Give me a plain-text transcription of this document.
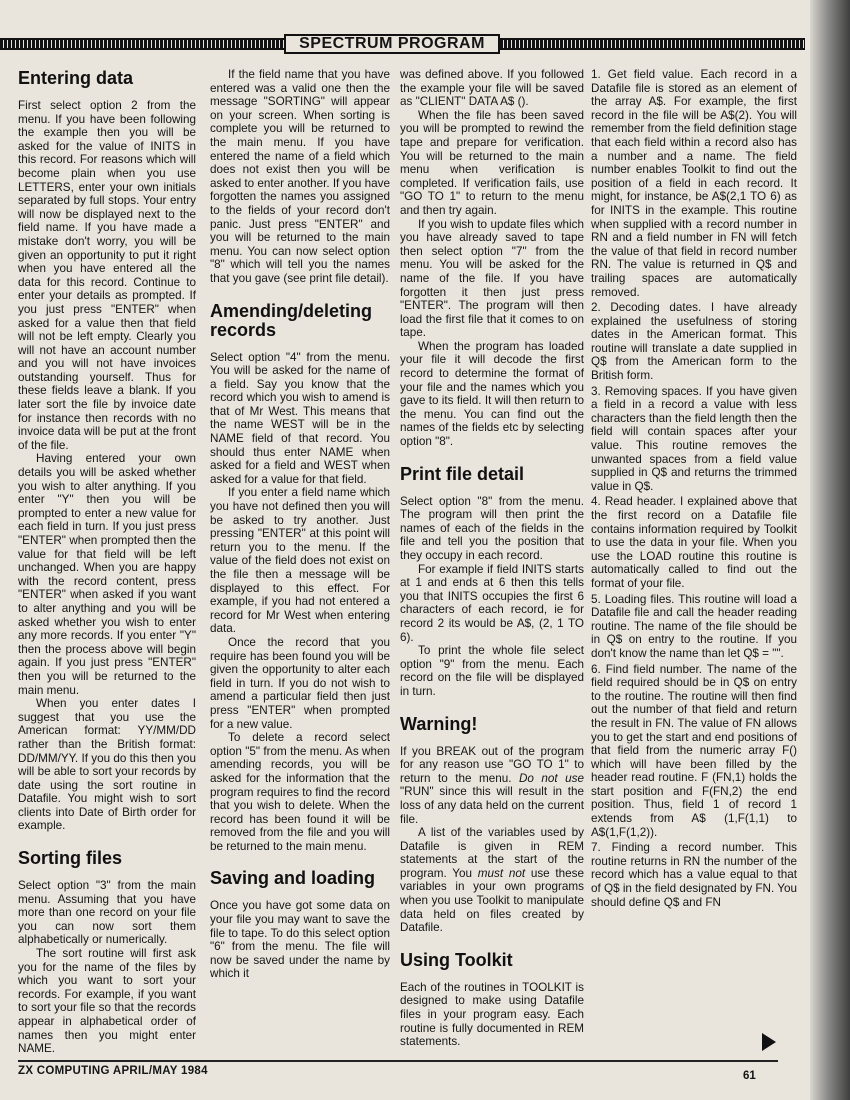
SPECTRUM PROGRAM
Entering data

First select option 2 from the menu. If you have been following the example then you will be asked for the value of INITS in this record. For reasons which will become plain when you use LETTERS, enter your own initials separated by full stops. Your entry will now be displayed next to the field name. If you have made a mistake don't worry, you will be given an opportunity to put it right when you have entered all the data for this record. Continue to enter your details as prompted. If you just press "ENTER" when asked for a value then that field will not be left empty. Clearly you will not have an account number and you will not have invoices outstanding yourself. Thus for these fields leave a blank. If you later sort the file by invoice date for instance then records with no invoice data will be put at the front of the file.

Having entered your own details you will be asked whether you wish to alter anything. If you enter "Y" then you will be prompted to enter a new value for each field in turn. If you just press "ENTER" when prompted then the value for that field will be left unchanged. When you are happy with the record content, press "ENTER" when asked if you want to alter anything and you will be asked whether you wish to enter any more records. If you enter "Y" then the process above will begin again. If you just press "ENTER" then you will be returned to the main menu.

When you enter dates I suggest that you use the American format: YY/MM/DD rather than the British format: DD/MM/YY. If you do this then you will be able to sort your records by date using the sort routine in Datafile. You might wish to sort clients into Date of Birth order for example.

Sorting files

Select option "3" from the main menu. Assuming that you have more than one record on your file you can now sort them alphabetically or numerically.

The sort routine will first ask you for the name of the files by which you want to sort your records. For example, if you want to sort your file so that the records appear in alphabetical order of names then you might enter NAME.

If the field name that you have entered was a valid one then the message "SORTING" will appear on your screen. When sorting is complete you will be returned to the main menu. If you have entered the name of a field which does not exist then you will be asked to enter another. If you have forgotten the names you assigned to the fields of your record don't panic. Just press "ENTER" and you will be returned to the main menu. You can now select option "8" which will tell you the names that you gave (see print file detail).

Amending/deleting records

Select option "4" from the menu. You will be asked for the name of a field. Say you know that the record which you wish to amend is that of Mr West. This means that the name WEST will be in the NAME field of that record. You should thus enter NAME when asked for a field and WEST when asked for a value for that field.

If you enter a field name which you have not defined then you will be asked to try another. Just pressing "ENTER" at this point will return you to the menu. If the value of the field does not exist on the file then a message will be displayed to this effect. For example, if you had not entered a record for Mr West when entering data.

Once the record that you require has been found you will be given the opportunity to alter each field in turn. If you do not wish to amend a particular field then just press "ENTER" when prompted for a new value.

To delete a record select option "5" from the menu. As when amending records, you will be asked for the information that the program requires to find the record that you wish to delete. When the record has been found it will be removed from the file and you will be returned to the main menu.

Saving and loading

Once you have got some data on your file you may want to save the file to tape. To do this select option "6" from the menu. The file will now be saved under the name by which it

was defined above. If you followed the example your file will be saved as "CLIENT" DATA A$ ().

When the file has been saved you will be prompted to rewind the tape and prepare for verification. You will be returned to the main menu when verification is completed. If verification fails, use "GO TO 1" to return to the menu and then try again.

If you wish to update files which you have already saved to tape then select option "7" from the menu. You will be asked for the name of the file. If you have forgotten it then just press "ENTER". The program will then load the first file that it comes to on tape.

When the program has loaded your file it will decode the first record to determine the format of your file and the names which you gave to its field. It will then return to the menu. You can find out the names of the fields etc by selecting option "8".

Print file detail

Select option "8" from the menu. The program will then print the names of each of the fields in the file and tell you the position that they occupy in each record.

For example if field INITS starts at 1 and ends at 6 then this tells you that INITS occupies the first 6 characters of each record, ie for record 2 its would be A$, (2, 1 TO 6).

To print the whole file select option "9" from the menu. Each record on the file will be displayed in turn.

Warning!

If you BREAK out of the program for any reason use "GO TO 1" to return to the menu. Do not use "RUN" since this will result in the loss of any data held on the current file.

A list of the variables used by Datafile is given in REM statements at the start of the program. You must not use these variables in your own programs when you use Toolkit to manipulate data held on files created by Datafile.

Using Toolkit

Each of the routines in TOOLKIT is designed to make using Datafile files in your program easy. Each routine is fully documented in REM statements.

1. Get field value. Each record in a Datafile file is stored as an element of the array A$. For example, the first record in the file will be A$(2). You will remember from the field definition stage that each field within a record also has a number and a name. The field number enables Toolkit to find out the position of a field in each record. It might, for instance, be A$(2,1 TO 6) as for INITS in the example. This routine when supplied with a record number in RN and a field number in FN will fetch the value of that field in record number RN. The value is returned in Q$ and trailing spaces are automatically removed.

2. Decoding dates. I have already explained the usefulness of storing dates in the American format. This routine will translate a date supplied in Q$ from the American form to the British form.

3. Removing spaces. If you have given a field in a record a value with less characters than the field length then the field will contain spaces after your value. This routine removes the unwanted spaces from a field value supplied in Q$ and returns the trimmed value in Q$.

4. Read header. I explained above that the first record on a Datafile file contains information required by Toolkit to use the data in your file. When you use the LOAD routine this routine is automatically called to find out the format of your file.

5. Loading files. This routine will load a Datafile file and call the header reading routine. The name of the file should be in Q$ on entry to the routine. If you don't know the name than let Q$ = "".

6. Find field number. The name of the field required should be in Q$ on entry to the routine. The routine will then find out the number of that field and return the result in FN. The value of FN allows you to get the start and end positions of that field from the numeric array F() which will have been filled by the header read routine. F (FN,1) holds the start position and F(FN,2) the end position. Thus, field 1 of record 1 extends from A$ (1,F(1,1) to A$(1,F(1,2)).

7. Finding a record number. This routine returns in RN the number of the record which has a value equal to that of Q$ in the field designated by FN. You should define Q$ and FN

ZX COMPUTING APRIL/MAY 1984	61
